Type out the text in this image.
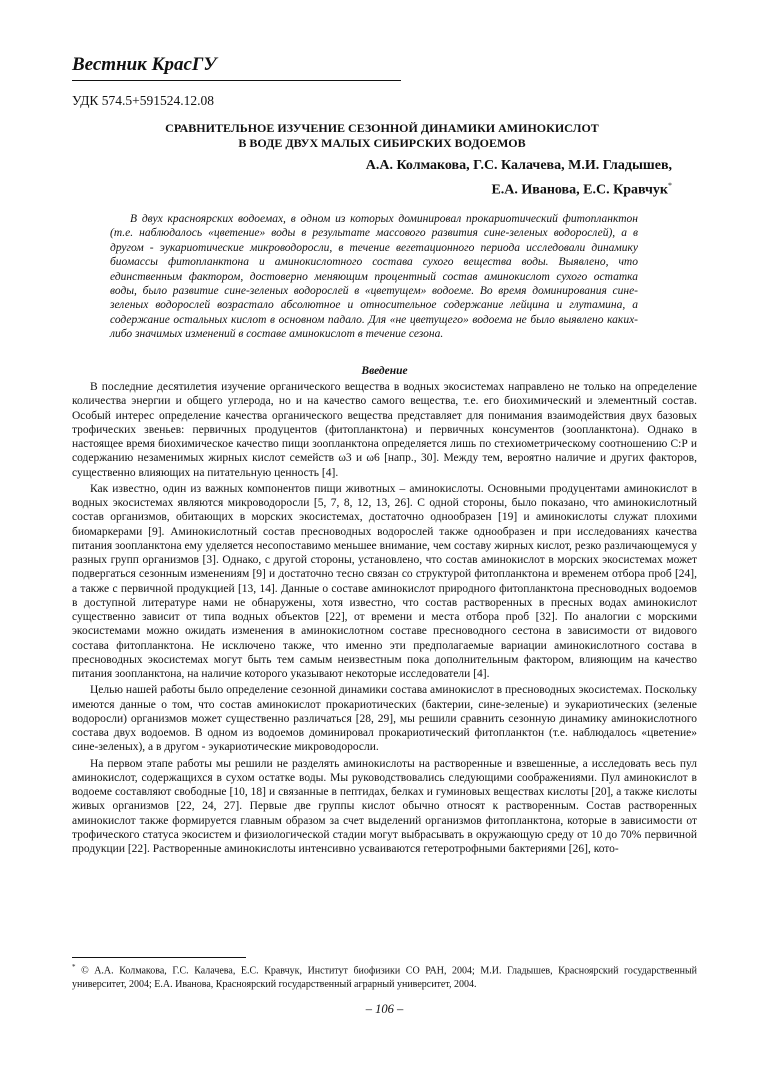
Вестник КрасГУ
УДК 574.5+591524.12.08
СРАВНИТЕЛЬНОЕ ИЗУЧЕНИЕ СЕЗОННОЙ ДИНАМИКИ АМИНОКИСЛОТ
В ВОДЕ ДВУХ МАЛЫХ СИБИРСКИХ ВОДОЕМОВ
А.А. Колмакова, Г.С. Калачева, М.И. Гладышев,
Е.А. Иванова, Е.С. Кравчук*
В двух красноярских водоемах, в одном из которых доминировал прокариотический фитопланктон (т.е. наблюдалось «цветение» воды в результате массового развития сине-зеленых водорослей), а в другом - эукариотические микроводоросли, в течение вегетационного периода исследовали динамику биомассы фитопланктона и аминокислотного состава сухого вещества воды. Выявлено, что единственным фактором, достоверно меняющим процентный состав аминокислот сухого остатка воды, было развитие сине-зеленых водорослей в «цветущем» водоеме. Во время доминирования сине-зеленых водорослей возрастало абсолютное и относительное содержание лейцина и глутамина, а содержание остальных кислот в основном падало. Для «не цветущего» водоема не было выявлено каких-либо значимых изменений в составе аминокислот в течение сезона.
Введение

В последние десятилетия изучение органического вещества в водных экосистемах направлено не только на определение количества энергии и общего углерода, но и на качество самого вещества, т.е. его биохимический и элементный состав. Особый интерес определение качества органического вещества представляет для понимания взаимодействия двух базовых трофических звеньев: первичных продуцентов (фитопланктона) и первичных консументов (зоопланктона). Однако в настоящее время биохимическое качество пищи зоопланктона определяется лишь по стехиометрическому соотношению С:Р и содержанию незаменимых жирных кислот семейств ω3 и ω6 [напр., 30]. Между тем, вероятно наличие и других факторов, существенно влияющих на питательную ценность [4].

Как известно, один из важных компонентов пищи животных – аминокислоты. Основными продуцентами аминокислот в водных экосистемах являются микроводоросли [5, 7, 8, 12, 13, 26]. С одной стороны, было показано, что аминокислотный состав организмов, обитающих в морских экосистемах, достаточно однообразен [19] и аминокислоты служат плохими биомаркерами [9]. Аминокислотный состав пресноводных водорослей также однообразен и при исследованиях качества питания зоопланктона ему уделяется несопоставимо меньшее внимание, чем составу жирных кислот, резко различающемуся у разных групп организмов [3]. Однако, с другой стороны, установлено, что состав аминокислот в морских экосистемах может подвергаться сезонным изменениям [9] и достаточно тесно связан со структурой фитопланктона и временем отбора проб [24], а также с первичной продукцией [13, 14]. Данные о составе аминокислот природного фитопланктона пресноводных водоемов в доступной литературе нами не обнаружены, хотя известно, что состав растворенных в пресных водах аминокислот существенно зависит от типа водных объектов [22], от времени и места отбора проб [32]. По аналогии с морскими экосистемами можно ожидать изменения в аминокислотном составе пресноводного сестона в зависимости от видового состава фитопланктона. Не исключено также, что именно эти предполагаемые вариации аминокислотного состава в пресноводных экосистемах могут быть тем самым неизвестным пока дополнительным фактором, влияющим на качество питания зоопланктона, на наличие которого указывают некоторые исследователи [4].

Целью нашей работы было определение сезонной динамики состава аминокислот в пресноводных экосистемах. Поскольку имеются данные о том, что состав аминокислот прокариотических (бактерии, сине-зеленые) и эукариотических (зеленые водоросли) организмов может существенно различаться [28, 29], мы решили сравнить сезонную динамику аминокислотного состава двух водоемов. В одном из водоемов доминировал прокариотический фитопланктон (т.е. наблюдалось «цветение» сине-зеленых), а в другом - эукариотические микроводоросли.

На первом этапе работы мы решили не разделять аминокислоты на растворенные и взвешенные, а исследовать весь пул аминокислот, содержащихся в сухом остатке воды. Мы руководствовались следующими соображениями. Пул аминокислот в водоеме составляют свободные [10, 18] и связанные в пептидах, белках и гуминовых веществах кислоты [20], а также кислоты живых организмов [22, 24, 27]. Первые две группы кислот обычно относят к растворенным. Состав растворенных аминокислот также формируется главным образом за счет выделений организмов фитопланктона, которые в зависимости от трофического статуса экосистем и физиологической стадии могут выбрасывать в окружающую среду от 10 до 70% первичной продукции [22]. Растворенные аминокислоты интенсивно усваиваются гетеротрофными бактериями [26], кото-

* © А.А. Колмакова, Г.С. Калачева, Е.С. Кравчук, Институт биофизики СО РАН, 2004; М.И. Гладышев, Красноярский государственный университет, 2004; Е.А. Иванова, Красноярский государственный аграрный университет, 2004.
– 106 –
